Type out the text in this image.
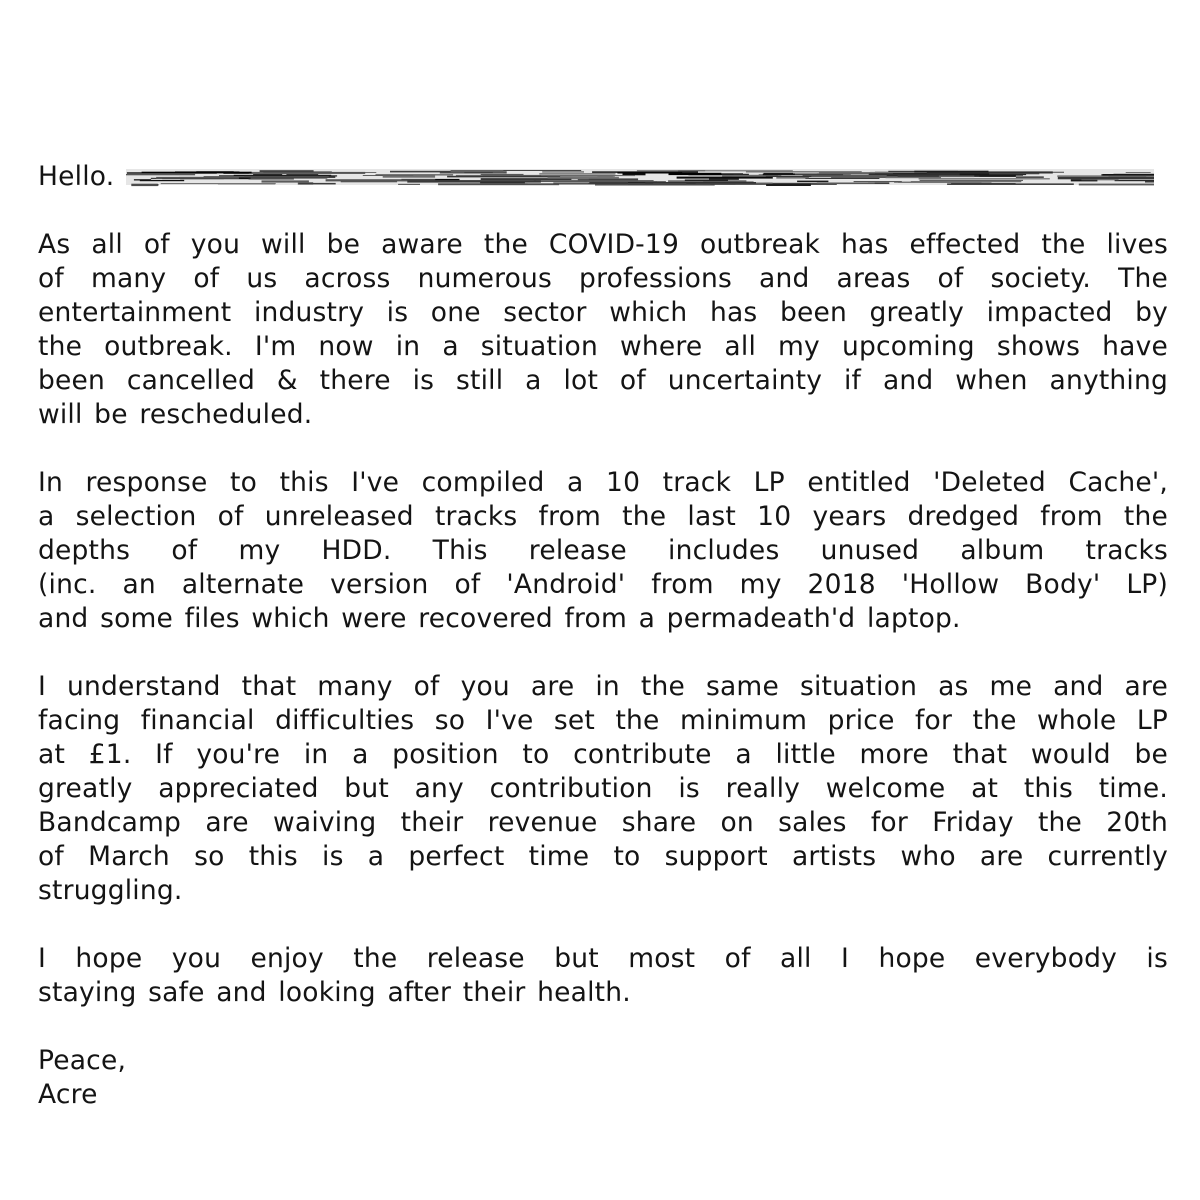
Hello.
As all of you will be aware the COVID-19 outbreak has effected the lives
of many of us across numerous professions and areas of society. The
entertainment industry is one sector which has been greatly impacted by
the outbreak. I'm now in a situation where all my upcoming shows have
been cancelled & there is still a lot of uncertainty if and when anything
will be rescheduled.
In response to this I've compiled a 10 track LP entitled 'Deleted Cache',
a selection of unreleased tracks from the last 10 years dredged from the
depths of my HDD. This release includes unused album tracks
(inc. an alternate version of 'Android' from my 2018 'Hollow Body' LP)
and some files which were recovered from a permadeath'd laptop.
I understand that many of you are in the same situation as me and are
facing financial difficulties so I've set the minimum price for the whole LP
at £1. If you're in a position to contribute a little more that would be
greatly appreciated but any contribution is really welcome at this time.
Bandcamp are waiving their revenue share on sales for Friday the 20th
of March so this is a perfect time to support artists who are currently
struggling.
I hope you enjoy the release but most of all I hope everybody is
staying safe and looking after their health.
Peace,
Acre
